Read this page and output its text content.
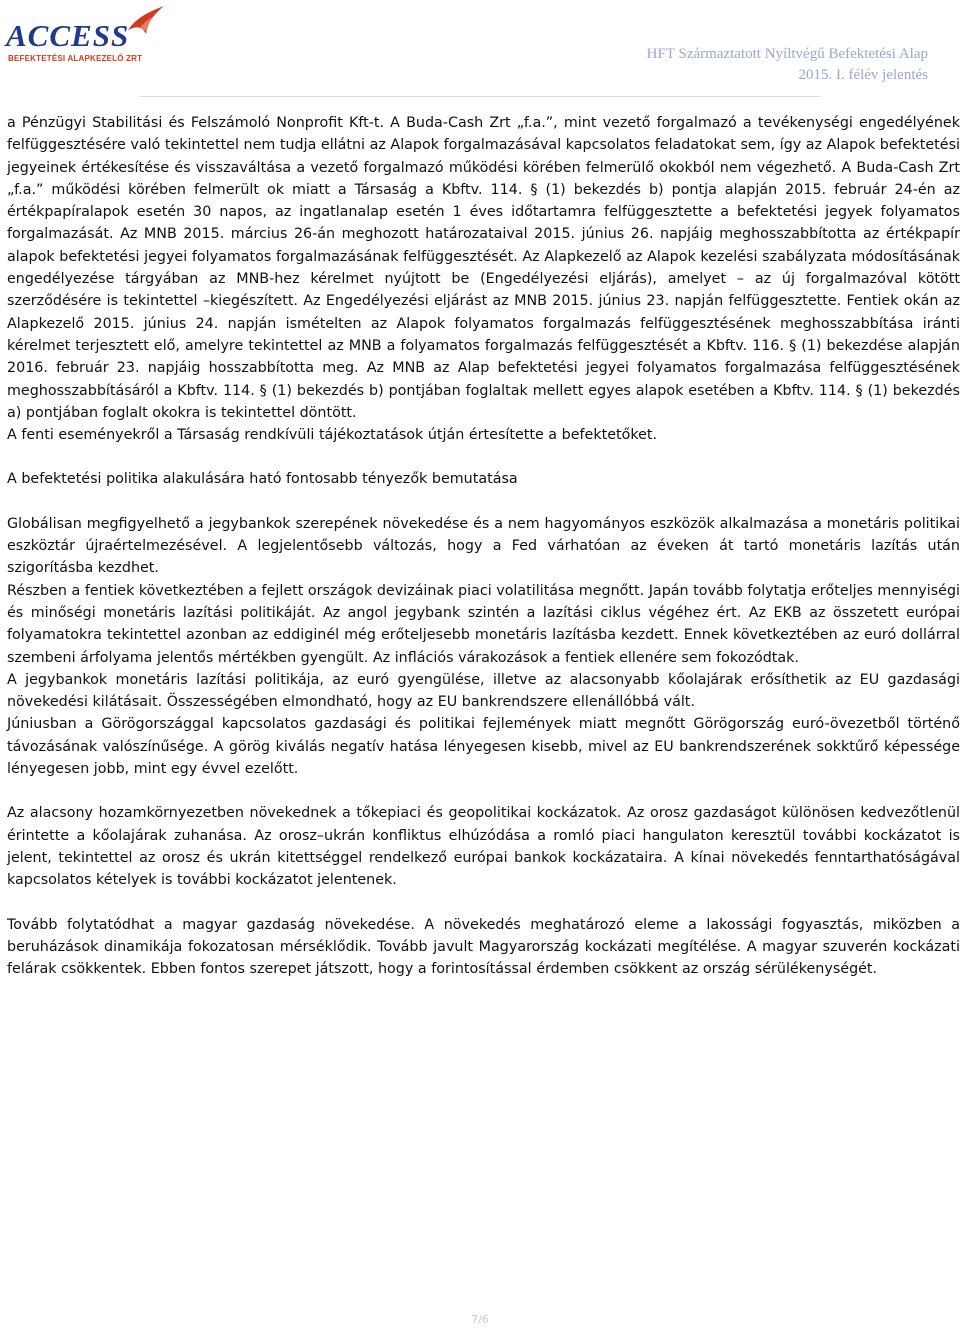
ACCESS
BEFEKTETÉSI ALAPKEZELŐ ZRT	HFT Származtatott Nyíltvégű Befektetési Alap
2015. I. félév jelentés

a Pénzügyi Stabilitási és Felszámoló Nonprofit Kft-t. A Buda-Cash Zrt „f.a.”, mint vezető forgalmazó a tevékenységi engedélyének felfüggesztésére való tekintettel nem tudja ellátni az Alapok forgalmazásával kapcsolatos feladatokat sem, így az Alapok befektetési jegyeinek értékesítése és visszaváltása a vezető forgalmazó működési körében felmerülő okokból nem végezhető. A Buda-Cash Zrt „f.a.” működési körében felmerült ok miatt a Társaság a Kbftv. 114. § (1) bekezdés b) pontja alapján 2015. február 24-én az értékpapíralapok esetén 30 napos, az ingatlanalap esetén 1 éves időtartamra felfüggesztette a befektetési jegyek folyamatos forgalmazását. Az MNB 2015. március 26-án meghozott határozataival 2015. június 26. napjáig meghosszabbította az értékpapír alapok befektetési jegyei folyamatos forgalmazásának felfüggesztését. Az Alapkezelő az Alapok kezelési szabályzata módosításának engedélyezése tárgyában az MNB-hez kérelmet nyújtott be (Engedélyezési eljárás), amelyet – az új forgalmazóval kötött szerződésére is tekintettel –kiegészített. Az Engedélyezési eljárást az MNB 2015. június 23. napján felfüggesztette. Fentiek okán az Alapkezelő 2015. június 24. napján ismételten az Alapok folyamatos forgalmazás felfüggesztésének meghosszabbítása iránti kérelmet terjesztett elő, amelyre tekintettel az MNB a folyamatos forgalmazás felfüggesztését a Kbftv. 116. § (1) bekezdése alapján 2016. február 23. napjáig hosszabbította meg. Az MNB az Alap befektetési jegyei folyamatos forgalmazása felfüggesztésének meghosszabbításáról a Kbftv. 114. § (1) bekezdés b) pontjában foglaltak mellett egyes alapok esetében a Kbftv. 114. § (1) bekezdés a) pontjában foglalt okokra is tekintettel döntött.

A fenti eseményekről a Társaság rendkívüli tájékoztatások útján értesítette a befektetőket.

A befektetési politika alakulására ható fontosabb tényezők bemutatása

Globálisan megfigyelhető a jegybankok szerepének növekedése és a nem hagyományos eszközök alkalmazása a monetáris politikai eszköztár újraértelmezésével. A legjelentősebb változás, hogy a Fed várhatóan az éveken át tartó monetáris lazítás után szigorításba kezdhet.

Részben a fentiek következtében a fejlett országok devizáinak piaci volatilitása megnőtt. Japán tovább folytatja erőteljes mennyiségi és minőségi monetáris lazítási politikáját. Az angol jegybank szintén a lazítási ciklus végéhez ért. Az EKB az összetett európai folyamatokra tekintettel azonban az eddiginél még erőteljesebb monetáris lazításba kezdett. Ennek következtében az euró dollárral szembeni árfolyama jelentős mértékben gyengült. Az inflációs várakozások a fentiek ellenére sem fokozódtak.

A jegybankok monetáris lazítási politikája, az euró gyengülése, illetve az alacsonyabb kőolajárak erősíthetik az EU gazdasági növekedési kilátásait. Összességében elmondható, hogy az EU bankrendszere ellenállóbbá vált.

Júniusban a Görögországgal kapcsolatos gazdasági és politikai fejlemények miatt megnőtt Görögország euró-övezetből történő távozásának valószínűsége. A görög kiválás negatív hatása lényegesen kisebb, mivel az EU bankrendszerének sokktűrő képessége lényegesen jobb, mint egy évvel ezelőtt.

Az alacsony hozamkörnyezetben növekednek a tőkepiaci és geopolitikai kockázatok. Az orosz gazdaságot különösen kedvezőtlenül érintette a kőolajárak zuhanása. Az orosz–ukrán konfliktus elhúzódása a romló piaci hangulaton keresztül további kockázatot is jelent, tekintettel az orosz és ukrán kitettséggel rendelkező európai bankok kockázataira. A kínai növekedés fenntarthatóságával kapcsolatos kételyek is további kockázatot jelentenek.

Tovább folytatódhat a magyar gazdaság növekedése. A növekedés meghatározó eleme a lakossági fogyasztás, miközben a beruházások dinamikája fokozatosan mérséklődik. Tovább javult Magyarország kockázati megítélése. A magyar szuverén kockázati felárak csökkentek. Ebben fontos szerepet játszott, hogy a forintosítással érdemben csökkent az ország sérülékenységét.

7/6
